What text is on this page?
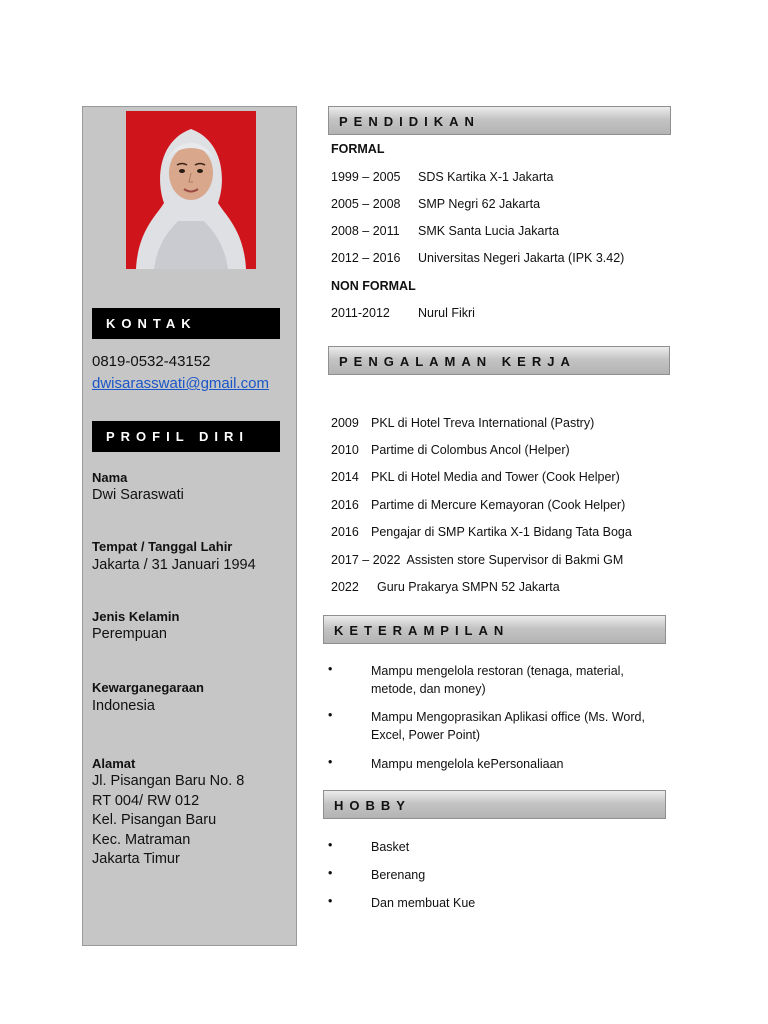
KONTAK
0819-0532-43152
dwisarasswati@gmail.com
PROFIL DIRI
Nama
Dwi Saraswati
Tempat / Tanggal Lahir
Jakarta / 31 Januari 1994
Jenis Kelamin
Perempuan
Kewarganegaraan
Indonesia
Alamat
Jl. Pisangan Baru No. 8
RT 004/ RW 012
Kel. Pisangan Baru
Kec. Matraman
Jakarta Timur
PENDIDIKAN
FORMAL
1999 – 2005 SDS Kartika X-1 Jakarta
2005 – 2008 SMP Negri 62 Jakarta
2008 – 2011 SMK Santa Lucia Jakarta
2012 – 2016 Universitas Negeri Jakarta (IPK 3.42)
NON FORMAL
2011-2012 Nurul Fikri
PENGALAMAN KERJA
2009 PKL di Hotel Treva International (Pastry)
2010 Partime di Colombus Ancol (Helper)
2014 PKL di Hotel Media and Tower (Cook Helper)
2016 Partime di Mercure Kemayoran (Cook Helper)
2016 Pengajar di SMP Kartika X-1 Bidang Tata Boga
2017 – 2022 Assisten store Supervisor di Bakmi GM
2022 Guru Prakarya SMPN 52 Jakarta
KETERAMPILAN
•	Mampu mengelola restoran (tenaga, material, metode, dan money)
•	Mampu Mengoprasikan Aplikasi office (Ms. Word, Excel, Power Point)
•	Mampu mengelola kePersonaliaan
HOBBY
•	Basket
•	Berenang
•	Dan membuat Kue
